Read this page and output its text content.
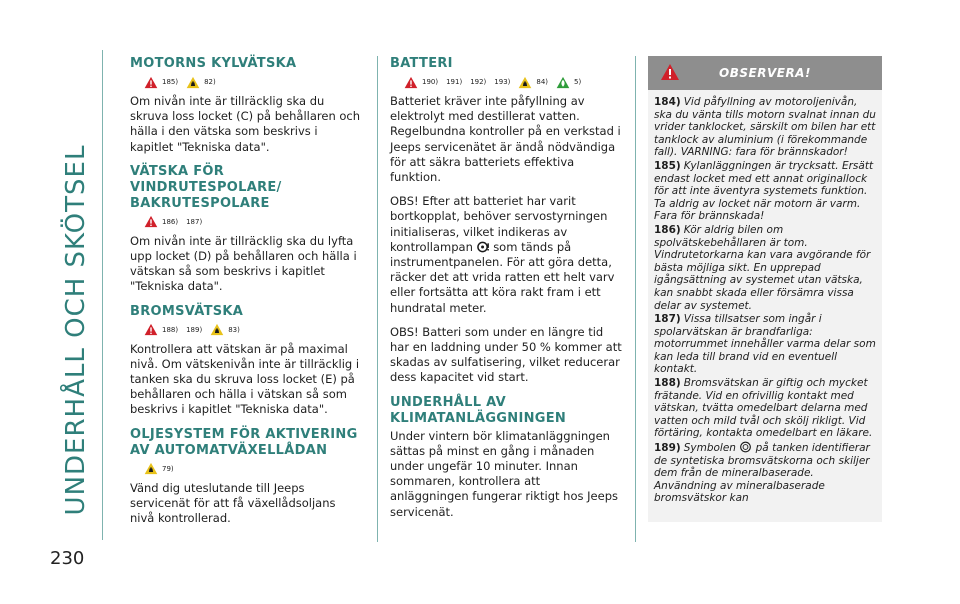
UNDERHÅLL OCH SKÖTSEL
230
MOTORNS KYLVÄTSKA
185)	82)

Om nivån inte är tillräcklig ska du skruva loss locket (C) på behållaren och hälla i den vätska som beskrivs i kapitlet "Tekniska data".

VÄTSKA FÖR VINDRUTESPOLARE/ BAKRUTESPOLARE
186) 187)

Om nivån inte är tillräcklig ska du lyfta upp locket (D) på behållaren och hälla i vätskan så som beskrivs i kapitlet "Tekniska data".

BROMSVÄTSKA
188) 189)	83)

Kontrollera att vätskan är på maximal nivå. Om vätskenivån inte är tillräcklig i tanken ska du skruva loss locket (E) på behållaren och hälla i vätskan så som beskrivs i kapitlet "Tekniska data".

OLJESYSTEM FÖR AKTIVERING AV AUTOMATVÄXELLÅDAN
79)

Vänd dig uteslutande till Jeeps servicenät för att få växellådsoljans nivå kontrollerad.

BATTERI
190) 191) 192) 193)	84)	5)

Batteriet kräver inte påfyllning av elektrolyt med destillerat vatten. Regelbundna kontroller på en verkstad i Jeeps servicenätet är ändå nödvändiga för att säkra batteriets effektiva funktion.

OBS! Efter att batteriet har varit bortkopplat, behöver servostyrningen initialiseras, vilket indikeras av kontrollampan som tänds på instrumentpanelen. För att göra detta, räcker det att vrida ratten ett helt varv eller fortsätta att köra rakt fram i ett hundratal meter.

OBS! Batteri som under en längre tid har en laddning under 50 % kommer att skadas av sulfatisering, vilket reducerar dess kapacitet vid start.

UNDERHÅLL AV KLIMATANLÄGGNINGEN

Under vintern bör klimatanläggningen sättas på minst en gång i månaden under ungefär 10 minuter. Innan sommaren, kontrollera att anläggningen fungerar riktigt hos Jeeps servicenät.

OBSERVERA!
184) Vid påfyllning av motoroljenivån, ska du vänta tills motorn svalnat innan du vrider tanklocket, särskilt om bilen har ett tanklock av aluminium (i förekommande fall). VARNING: fara för brännskador!
185) Kylanläggningen är trycksatt. Ersätt endast locket med ett annat originallock för att inte äventyra systemets funktion. Ta aldrig av locket när motorn är varm. Fara för brännskada!
186) Kör aldrig bilen om spolvätskebehållaren är tom. Vindrutetorkarna kan vara avgörande för bästa möjliga sikt. En upprepad igångsättning av systemet utan vätska, kan snabbt skada eller försämra vissa delar av systemet.
187) Vissa tillsatser som ingår i spolarvätskan är brandfarliga: motorrummet innehåller varma delar som kan leda till brand vid en eventuell kontakt.
188) Bromsvätskan är giftig och mycket frätande. Vid en ofrivillig kontakt med vätskan, tvätta omedelbart delarna med vatten och mild tvål och skölj rikligt. Vid förtäring, kontakta omedelbart en läkare.
189) Symbolen på tanken identifierar de syntetiska bromsvätskorna och skiljer dem från de mineralbaserade. Användning av mineralbaserade bromsvätskor kan
